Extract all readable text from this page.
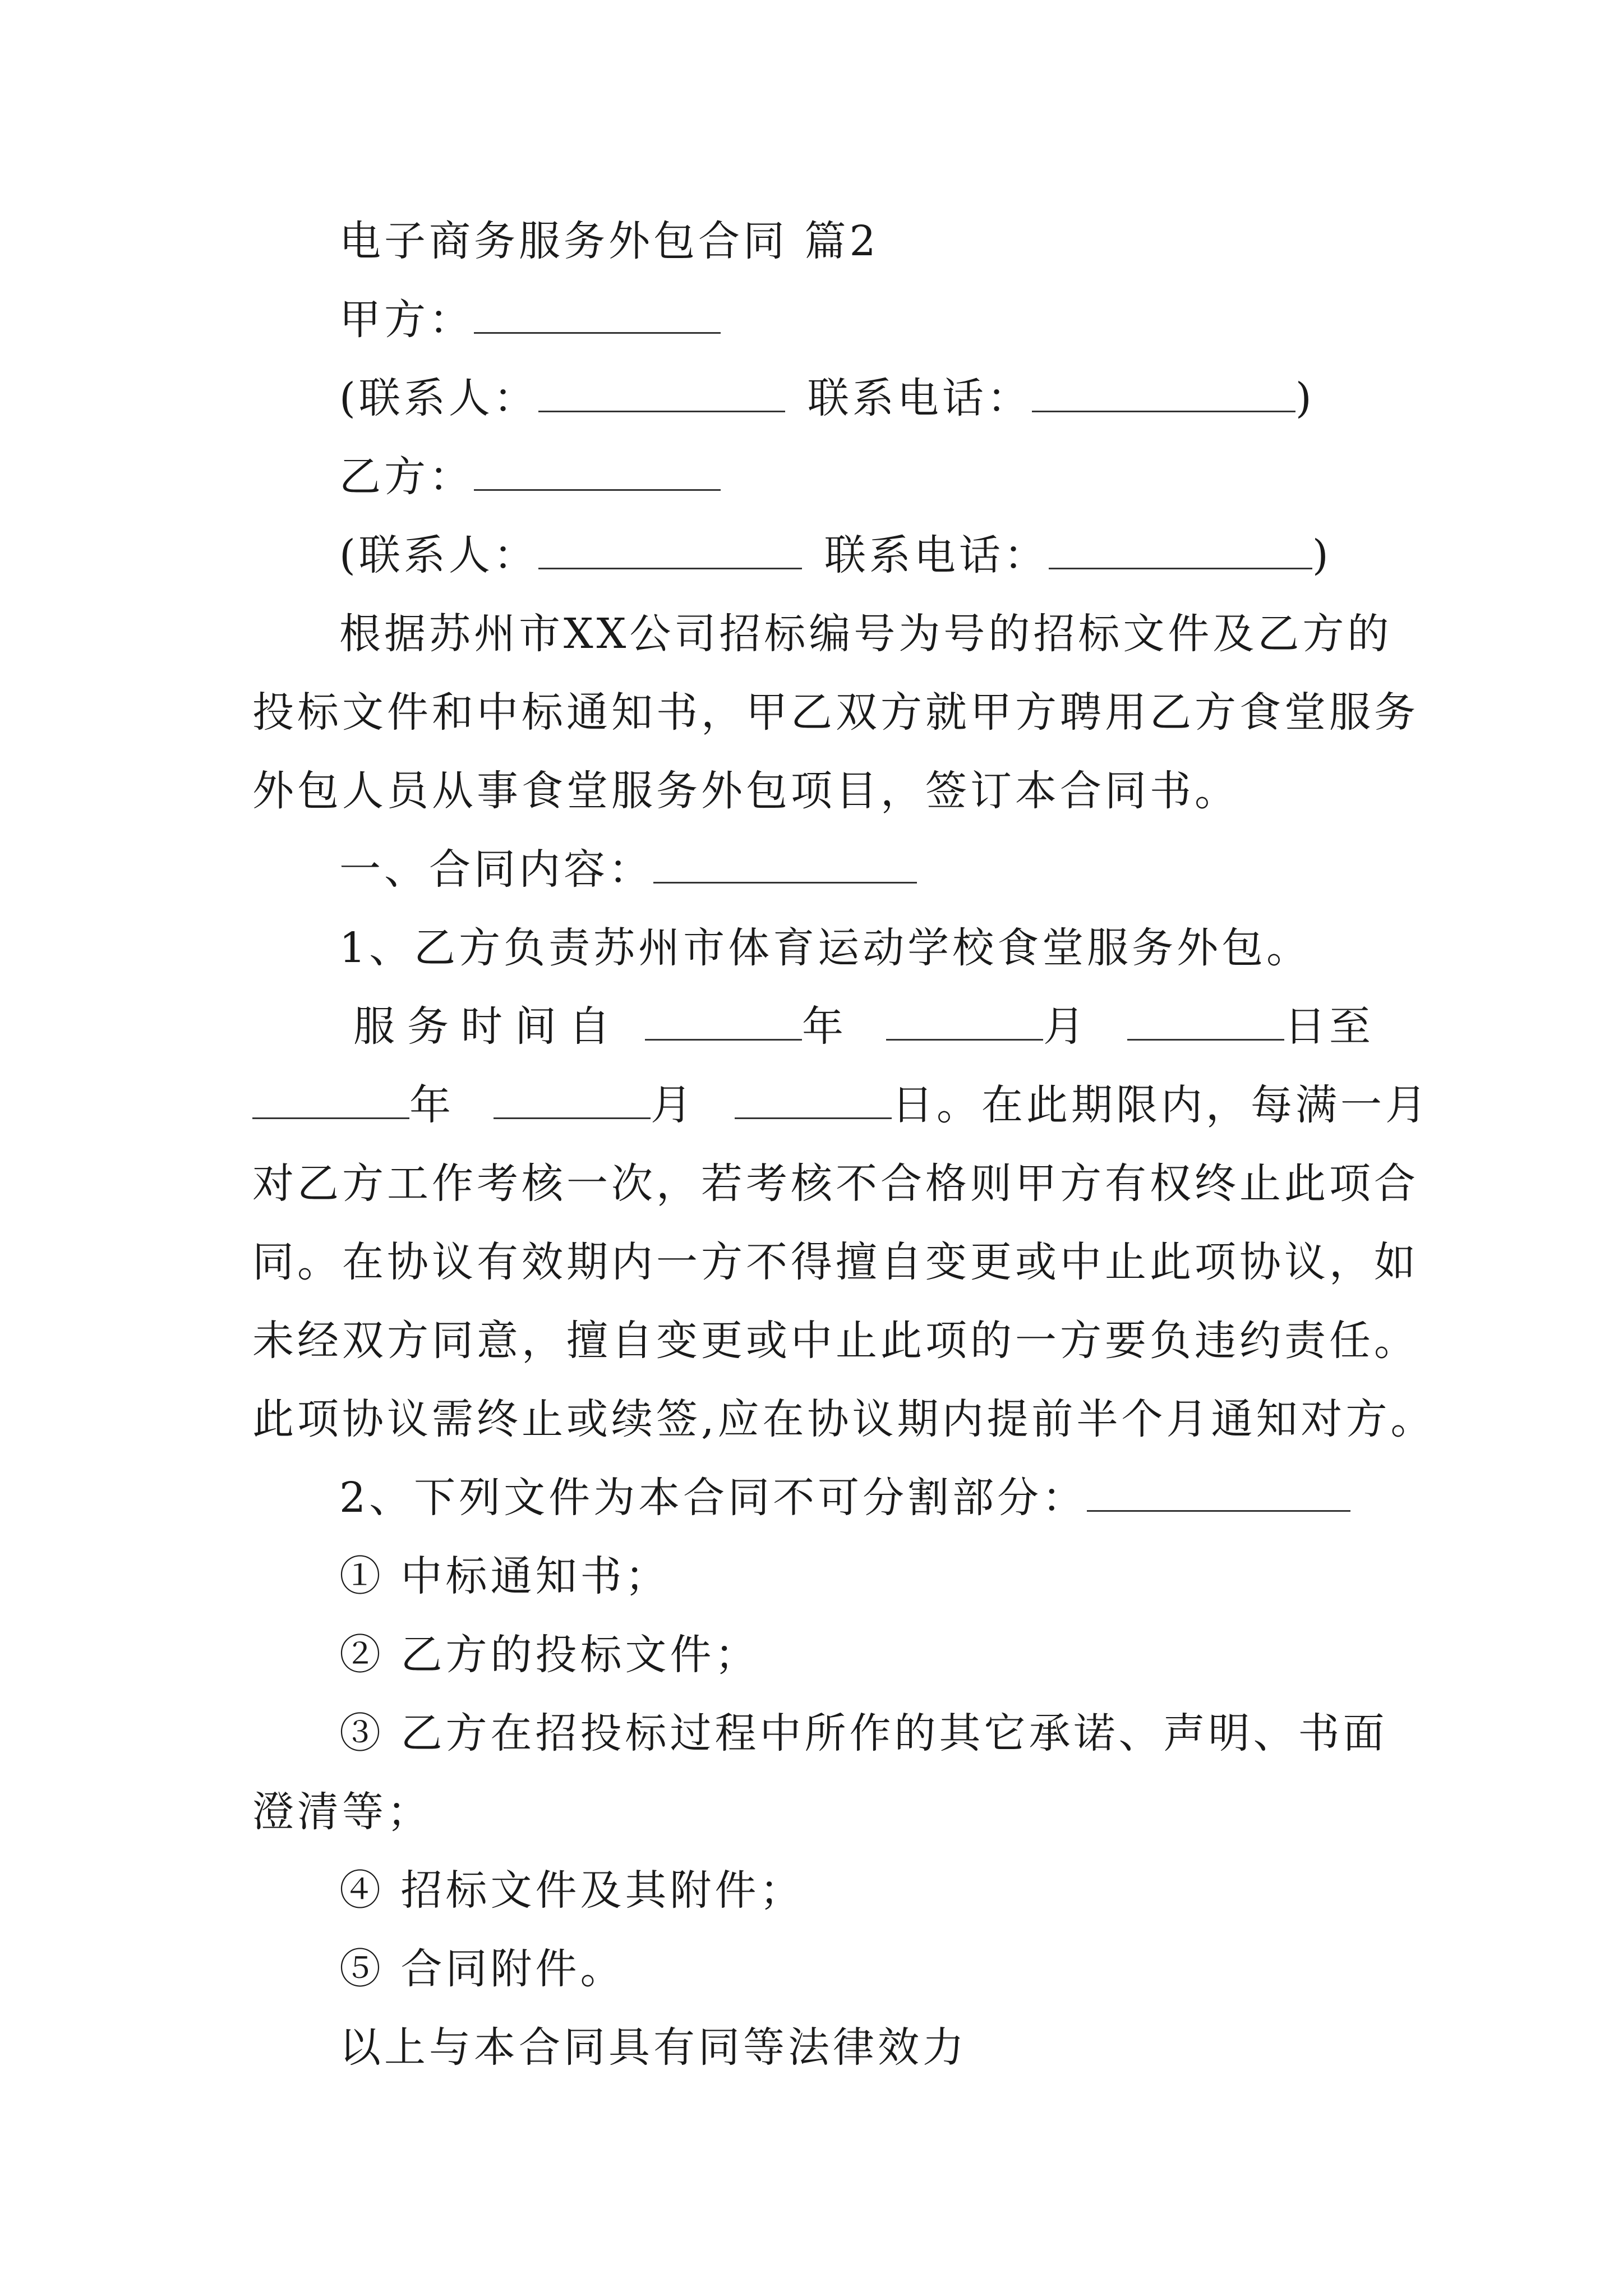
电子商务服务外包合同 篇2
甲方：
(联系人：	联系电话：	)
乙方：
(联系人：	联系电话：	)
根据苏州市XX公司招标编号为号的招标文件及乙方的
投标文件和中标通知书，甲乙双方就甲方聘用乙方食堂服务
外包人员从事食堂服务外包项目，签订本合同书。
一、合同内容：
1、乙方负责苏州市体育运动学校食堂服务外包。
服务时间自	年	月	日至
年	月	日。在此期限内，每满一月
对乙方工作考核一次，若考核不合格则甲方有权终止此项合
同。在协议有效期内一方不得擅自变更或中止此项协议，如
未经双方同意，擅自变更或中止此项的一方要负违约责任。
此项协议需终止或续签,应在协议期内提前半个月通知对方。
2、下列文件为本合同不可分割部分：
① 中标通知书；
② 乙方的投标文件；
③ 乙方在招投标过程中所作的其它承诺、声明、书面
澄清等；
④ 招标文件及其附件；
⑤ 合同附件。
以上与本合同具有同等法律效力
